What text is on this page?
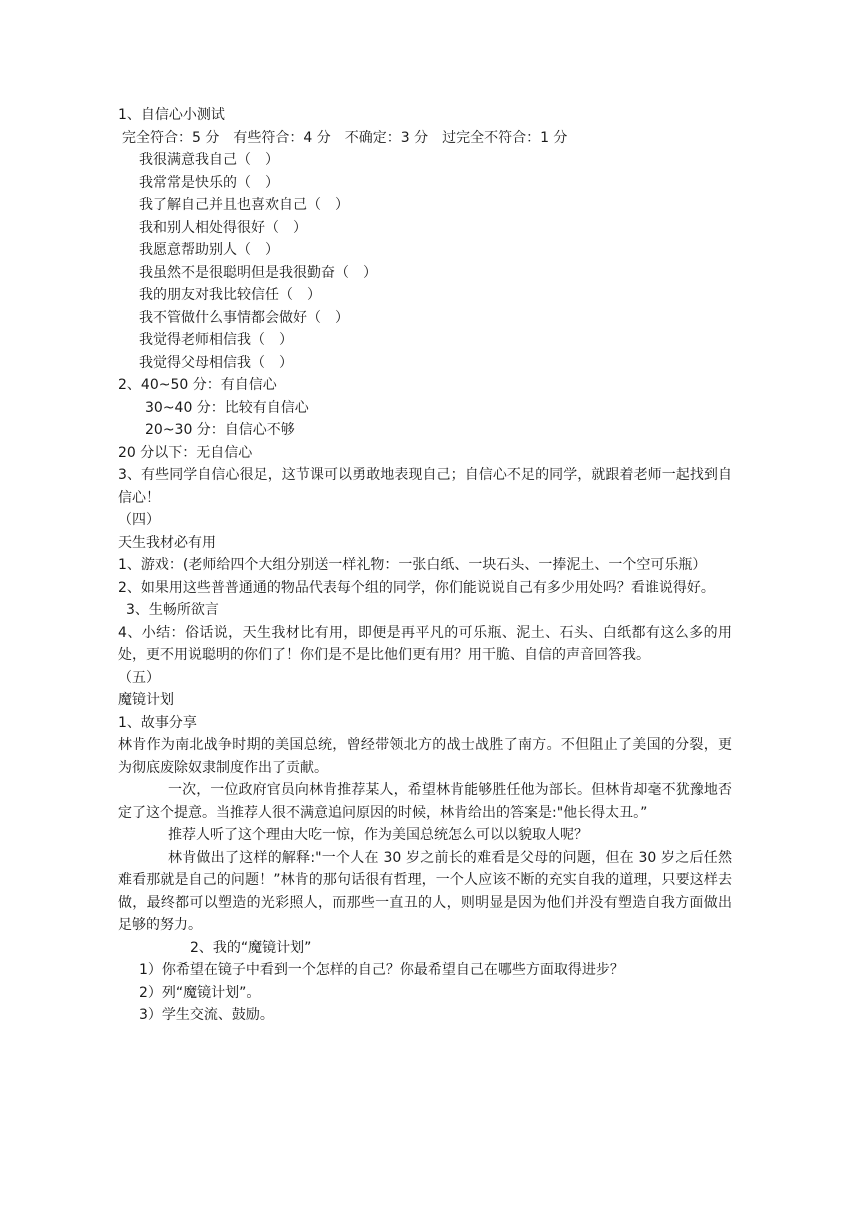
1、自信心小测试
完全符合：5 分　有些符合：4 分　不确定：3 分　过完全不符合：1 分
我很满意我自己（　）
我常常是快乐的（　）
我了解自己并且也喜欢自己（　）
我和别人相处得很好（　）
我愿意帮助别人（　）
我虽然不是很聪明但是我很勤奋（　）
我的朋友对我比较信任（　）
我不管做什么事情都会做好（　）
我觉得老师相信我（　）
我觉得父母相信我（　）
2、40~50 分：有自信心
30~40 分：比较有自信心
20~30 分：自信心不够
20 分以下：无自信心
3、有些同学自信心很足，这节课可以勇敢地表现自己；自信心不足的同学，就跟着老师一起找到自信心！
（四）
天生我材必有用
1、游戏：(老师给四个大组分别送一样礼物：一张白纸、一块石头、一捧泥土、一个空可乐瓶）
2、如果用这些普普通通的物品代表每个组的同学，你们能说说自己有多少用处吗？看谁说得好。
3、生畅所欲言
4、小结：俗话说，天生我材比有用，即便是再平凡的可乐瓶、泥土、石头、白纸都有这么多的用处，更不用说聪明的你们了！你们是不是比他们更有用？用干脆、自信的声音回答我。
（五）
魔镜计划
1、故事分享
林肯作为南北战争时期的美国总统，曾经带领北方的战士战胜了南方。不但阻止了美国的分裂，更为彻底废除奴隶制度作出了贡献。
一次，一位政府官员向林肯推荐某人，希望林肯能够胜任他为部长。但林肯却毫不犹豫地否定了这个提意。当推荐人很不满意追问原因的时候，林肯给出的答案是:"他长得太丑。”
推荐人听了这个理由大吃一惊，作为美国总统怎么可以以貌取人呢？
林肯做出了这样的解释:"一个人在 30 岁之前长的难看是父母的问题，但在 30 岁之后任然难看那就是自己的问题！”林肯的那句话很有哲理，一个人应该不断的充实自我的道理，只要这样去做，最终都可以塑造的光彩照人，而那些一直丑的人，则明显是因为他们并没有塑造自我方面做出足够的努力。
2、我的“魔镜计划”
1）你希望在镜子中看到一个怎样的自己？你最希望自己在哪些方面取得进步？
2）列“魔镜计划”。
3）学生交流、鼓励。
